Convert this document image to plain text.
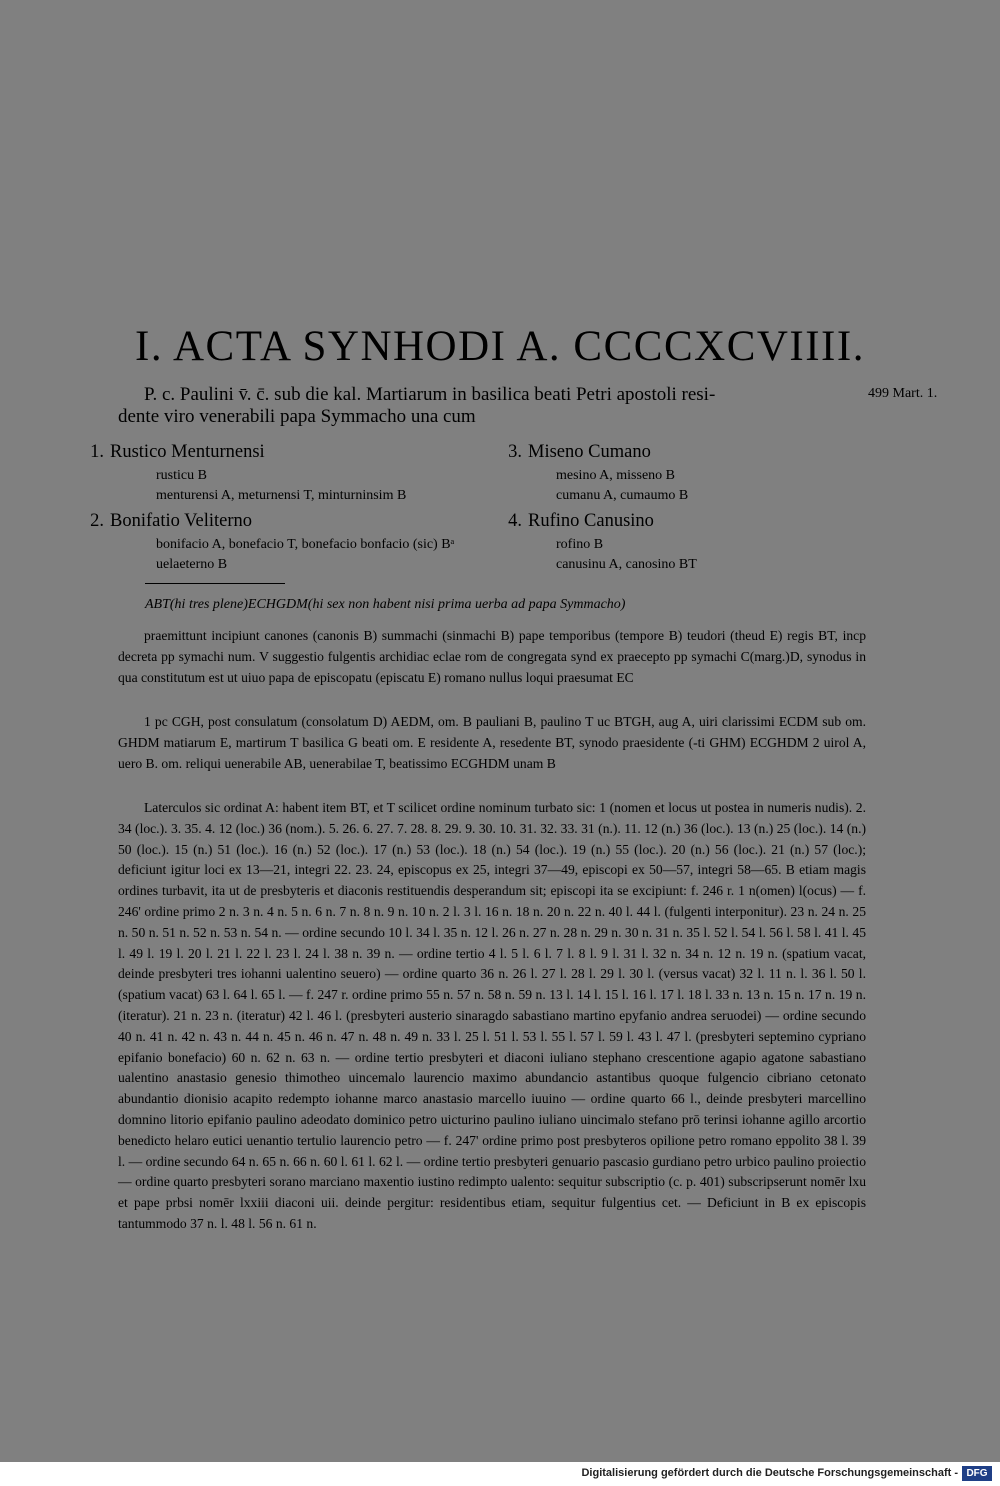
I. ACTA SYNHODI A. CCCCXCVIIII.
P. c. Paulini v̄. c̄. sub die kal. Martiarum in basilica beati Petri apostoli resi-
dente viro venerabili papa Symmacho una cum
499 Mart. 1.
1. Rustico Menturnensi
rusticu B
menturensi A, meturnensi T, minturninsim B
3. Miseno Cumano
mesino A, misseno B
cumanu A, cumaumo B
2. Bonifatio Veliterno
bonifacio A, bonefacio T, bonefacio bonfacio (sic) Bᵃ
uelaeterno B
4. Rufino Canusino
rofino B
canusinu A, canosino BT
ABT(hi tres plene)ECHGDM(hi sex non habent nisi prima uerba ad papa Symmacho)

praemittunt incipiunt canones (canonis B) summachi (sinmachi B) pape temporibus (tempore B) teudori (theud E) regis BT, incp decreta pp symachi num. V suggestio fulgentis archidiac eclae rom de congregata synd ex praecepto pp symachi C(marg.)D, synodus in qua constitutum est ut uiuo papa de episcopatu (episcatu E) romano nullus loqui praesumat EC

1 pc CGH, post consulatum (consolatum D) AEDM, om. B pauliani B, paulino T uc BTGH, aug A, uiri clarissimi ECDM sub om. GHDM matiarum E, martirum T basilica G beati om. E residente A, resedente BT, synodo praesidente (-ti GHM) ECGHDM 2 uirol A, uero B. om. reliqui uenerabile AB, uenerabilae T, beatissimo ECGHDM unam B

Laterculos sic ordinat A: habent item BT, et T scilicet ordine nominum turbato sic: 1 (nomen et locus ut postea in numeris nudis). 2. 34 (loc.). 3. 35. 4. 12 (loc.) 36 (nom.). 5. 26. 6. 27. 7. 28. 8. 29. 9. 30. 10. 31. 32. 33. 31 (n.). 11. 12 (n.) 36 (loc.). 13 (n.) 25 (loc.). 14 (n.) 50 (loc.). 15 (n.) 51 (loc.). 16 (n.) 52 (loc.). 17 (n.) 53 (loc.). 18 (n.) 54 (loc.). 19 (n.) 55 (loc.). 20 (n.) 56 (loc.). 21 (n.) 57 (loc.); deficiunt igitur loci ex 13—21, integri 22. 23. 24, episcopus ex 25, integri 37—49, episcopi ex 50—57, integri 58—65. B etiam magis ordines turbavit, ita ut de presbyteris et diaconis restituendis desperandum sit; episcopi ita se excipiunt: f. 246 r. 1 n(omen) l(ocus) — f. 246' ordine primo 2 n. 3 n. 4 n. 5 n. 6 n. 7 n. 8 n. 9 n. 10 n. 2 l. 3 l. 16 n. 18 n. 20 n. 22 n. 40 l. 44 l. (fulgenti interponitur). 23 n. 24 n. 25 n. 50 n. 51 n. 52 n. 53 n. 54 n. — ordine secundo 10 l. 34 l. 35 n. 12 l. 26 n. 27 n. 28 n. 29 n. 30 n. 31 n. 35 l. 52 l. 54 l. 56 l. 58 l. 41 l. 45 l. 49 l. 19 l. 20 l. 21 l. 22 l. 23 l. 24 l. 38 n. 39 n. — ordine tertio 4 l. 5 l. 6 l. 7 l. 8 l. 9 l. 31 l. 32 n. 34 n. 12 n. 19 n. (spatium vacat, deinde presbyteri tres iohanni ualentino seuero) — ordine quarto 36 n. 26 l. 27 l. 28 l. 29 l. 30 l. (versus vacat) 32 l. 11 n. l. 36 l. 50 l. (spatium vacat) 63 l. 64 l. 65 l. — f. 247 r. ordine primo 55 n. 57 n. 58 n. 59 n. 13 l. 14 l. 15 l. 16 l. 17 l. 18 l. 33 n. 13 n. 15 n. 17 n. 19 n. (iteratur). 21 n. 23 n. (iteratur) 42 l. 46 l. (presbyteri austerio sinaragdo sabastiano martino epyfanio andrea seruodei) — ordine secundo 40 n. 41 n. 42 n. 43 n. 44 n. 45 n. 46 n. 47 n. 48 n. 49 n. 33 l. 25 l. 51 l. 53 l. 55 l. 57 l. 59 l. 43 l. 47 l. (presbyteri septemino cypriano epifanio bonefacio) 60 n. 62 n. 63 n. — ordine tertio presbyteri et diaconi iuliano stephano crescentione agapio agatone sabastiano ualentino anastasio genesio thimotheo uincemalo laurencio maximo abundancio astantibus quoque fulgencio cibriano cetonato abundantio dionisio acapito redempto iohanne marco anastasio marcello iuuino — ordine quarto 66 l., deinde presbyteri marcellino domnino litorio epifanio paulino adeodato dominico petro uicturino paulino iuliano uincimalo stefano prō terinsi iohanne agillo arcortio benedicto helaro eutici uenantio tertulio laurencio petro — f. 247' ordine primo post presbyteros opilione petro romano eppolito 38 l. 39 l. — ordine secundo 64 n. 65 n. 66 n. 60 l. 61 l. 62 l. — ordine tertio presbyteri genuario pascasio gurdiano petro urbico paulino proiectio — ordine quarto presbyteri sorano marciano maxentio iustino redimpto ualento: sequitur subscriptio (c. p. 401) subscripserunt nomēr lxu et pape prbsi nomēr lxxiii diaconi uii. deinde pergitur: residentibus etiam, sequitur fulgentius cet. — Deficiunt in B ex episcopis tantummodo 37 n. l. 48 l. 56 n. 61 n.

Digitalisierung gefördert durch die Deutsche Forschungsgemeinschaft - DFG
